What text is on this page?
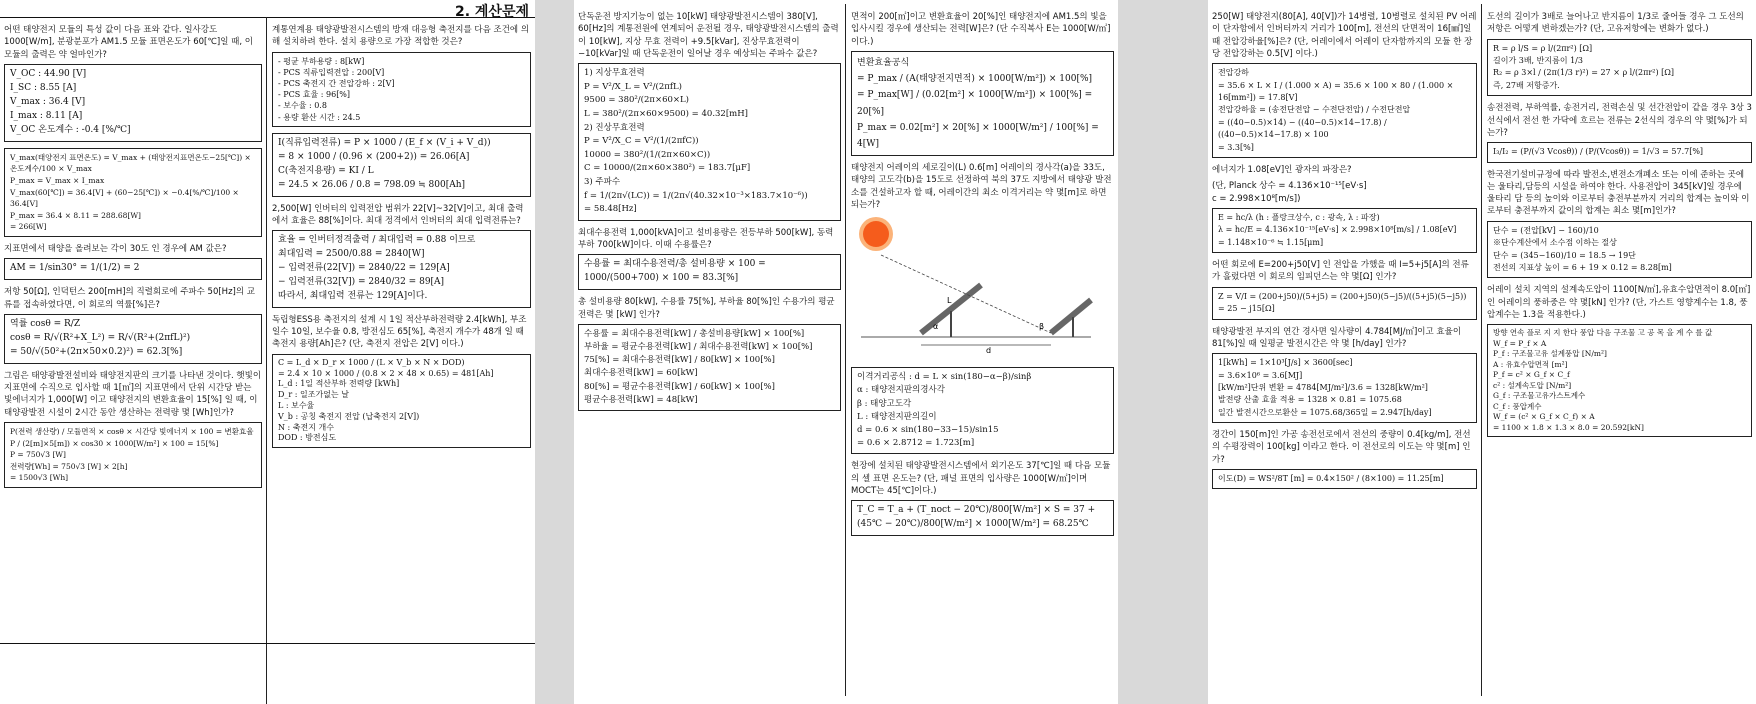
2. 계산문제
어떤 태양전지 모듈의 특성 값이 다음 표와 같다. 일사강도 1000[W/m], 분광분포가 AM1.5 모듈 표면온도가 60[℃]일 때, 이 모듈의 출력은 약 얼마인가?
V_OC : 44.90 [V]
I_SC : 8.55 [A]
V_max : 36.4 [V]
I_max : 8.11 [A]
V_OC 온도계수 : -0.4 [%/℃]
V_max(태양전지 표면온도) = V_max + (태양전지표면온도−25[℃]) × 온도계수/100 × V_max
P_max = V_max × I_max
V_max(60[℃]) = 36.4[V] + (60−25[℃]) × −0.4[%/℃]/100 × 36.4[V]
P_max = 36.4 × 8.11 = 288.68[W]
= 266[W]
지표면에서 태양을 올려보는 각이 30도 인 경우에 AM 값은?
AM = 1/sin30° = 1/(1/2) = 2
저항 50[Ω], 인덕턴스 200[mH]의 직렬회로에 주파수 50[Hz]의 교류를 접속하였다면, 이 회로의 역률[%]은?
역률 cosθ = R/Z
cosθ = R/√(R²+X_L²) = R/√(R²+(2πfL)²)
= 50/√(50²+(2π×50×0.2)²) = 62.3[%]
그림은 태양광발전설비와 태양전지판의 크기를 나타낸 것이다. 햇빛이 지표면에 수직으로 입사할 때 1[㎡]의 지표면에서 단위 시간당 받는 빛에너지가 1,000[W] 이고 태양전지의 변환효율이 15[%] 일 때, 이 태양광발전 시설이 2시간 동안 생산하는 전력량 몇 [Wh]인가?
P(전력 생산량) / 모듈면적 × cosθ × 시간당 빛에너지 × 100 = 변환효율
P / (2[m]×5[m]) × cos30 × 1000[W/m²] × 100 = 15[%]
P = 750√3 [W]
전력량[Wh] = 750√3 [W] × 2[h]
= 1500√3 [Wh]
계통연계용 태양광발전시스템의 방재 대응형 축전지를 다음 조건에 의해 설치하려 한다. 설치 용량으로 가장 적합한 것은?
- 평균 부하용량 : 8[kW]
- PCS 직류입력전압 : 200[V]
- PCS 축전지 간 전압강하 : 2[V]
- PCS 효율 : 96[%]
- 보수율 : 0.8
- 용량 환산 시간 : 24.5
I(직류입력전류) = P × 1000 / (E_f × (V_i + V_d))
= 8 × 1000 / (0.96 × (200+2)) = 26.06[A]
C(축전지용량) = KI / L
= 24.5 × 26.06 / 0.8 = 798.09 ≒ 800[Ah]
2,500[W] 인버터의 입력전압 범위가 22[V]~32[V]이고, 최대 출력에서 효율은 88[%]이다. 최대 정격에서 인버터의 최대 입력전류는?
효율 = 인버터정격출력 / 최대입력 = 0.88 이므로
최대입력 = 2500/0.88 = 2840[W]
− 입력전류(22[V]) = 2840/22 = 129[A]
− 입력전류(32[V]) = 2840/32 = 89[A]
따라서, 최대입력 전류는 129[A]이다.
독립형ESS용 축전지의 설계 시 1일 적산부하전력량 2.4[kWh], 부조일수 10일, 보수율 0.8, 방전심도 65[%], 축전지 개수가 48개 일 때 축전지 용량[Ah]은? (단, 축전지 전압은 2[V] 이다.)
C = L_d × D_r × 1000 / (L × V_b × N × DOD)
= 2.4 × 10 × 1000 / (0.8 × 2 × 48 × 0.65) = 481[Ah]
L_d : 1일 적산부하 전력량 [kWh]
D_r : 일조가없는 날
L : 보수율
V_b : 공칭 축전지 전압 (납축전지 2[V])
N : 축전지 개수
DOD : 방전심도
단독운전 방지기능이 없는 10[kW] 태양광발전시스템이 380[V], 60[Hz]의 계통전원에 연계되어 운전될 경우, 태양광발전시스템의 출력이 10[kW], 지상 무효 전력이 +9.5[kVar], 진상무효전력이 −10[kVar]일 때 단독운전이 일어날 경우 예상되는 주파수 값은?
1) 지상무효전력
P = V²/X_L = V²/(2πfL)
9500 = 380²/(2π×60×L)
L = 380²/(2π×60×9500) = 40.32[mH]
2) 진상무효전력
P = V²/X_C = V²/(1/(2πfC))
10000 = 380²/(1/(2π×60×C))
C = 10000/(2π×60×380²) = 183.7[μF]
3) 주파수
f = 1/(2π√(LC)) = 1/(2π√(40.32×10⁻³×183.7×10⁻⁶))
= 58.48[Hz]
최대수용전력 1,000[kVA]이고 설비용량은 전등부하 500[kW], 동력부하 700[kW]이다. 이때 수용률은?
수용률 = 최대수용전력/총 설비용량 × 100 = 1000/(500+700) × 100 = 83.3[%]
총 설비용량 80[kW], 수용률 75[%], 부하율 80[%]인 수용가의 평균전력은 몇 [kW] 인가?
수용률 = 최대수용전력[kW] / 총설비용량[kW] × 100[%]
부하율 = 평균수용전력[kW] / 최대수용전력[kW] × 100[%]
75[%] = 최대수용전력[kW] / 80[kW] × 100[%]
최대수용전력[kW] = 60[kW]
80[%] = 평균수용전력[kW] / 60[kW] × 100[%]
평균수용전력[kW] = 48[kW]
면적이 200[㎡]이고 변환효율이 20[%]인 태양전지에 AM1.5의 빛을 입사시킬 경우에 생산되는 전력[W]은? (단 수직복사 E는 1000[W/㎡]이다.)
변환효율공식
= P_max / (A(태양전지면적) × 1000[W/m²]) × 100[%]
= P_max[W] / (0.02[m²] × 1000[W/m²]) × 100[%] = 20[%]
P_max = 0.02[m²] × 20[%] × 1000[W/m²] / 100[%] = 4[W]
태양전지 어레이의 세로길이(L) 0.6[m] 어레이의 경사각(a)을 33도, 태양의 고도각(b)을 15도로 선정하여 북의 37도 지방에서 태양광 발전소를 건설하고자 할 때, 어레이간의 최소 이격거리는 약 몇[m]로 하면 되는가?
L
α	β
d
이격거리공식 : d = L × sin(180−α−β)/sinβ
α : 태양전지판의경사각
β : 태양고도각
L : 태양전지판의길이
d = 0.6 × sin(180−33−15)/sin15
= 0.6 × 2.8712 = 1.723[m]
현장에 설치된 태양광발전시스템에서 외기온도 37[℃]일 때 다음 모듈의 셀 표면 온도는? (단, 패널 표면의 입사량은 1000[W/㎡]이며 MOCT는 45[℃]이다.)
T_C = T_a + (T_noct − 20℃)/800[W/m²] × S = 37 + (45℃ − 20℃)/800[W/m²] × 1000[W/m²] = 68.25℃
250[W] 태양전지(80[A], 40[V])가 14병렬, 10병렬로 설치된 PV 어레이 단자함에서 인버터까지 거리가 100[m], 전선의 단면적이 16[㎟]일 때 전압강하율[%]은? (단, 어레이에서 어레이 단자함까지의 모듈 한 장당 전압강하는 0.5[V] 이다.)
전압강하
= 35.6 × L × I / (1.000 × A) = 35.6 × 100 × 80 / (1.000 × 16[mm²]) = 17.8[V]
전압강하율 = (송전단전압 − 수전단전압) / 수전단전압
= ((40−0.5)×14) − ((40−0.5)×14−17.8) / ((40−0.5)×14−17.8) × 100
= 3.3[%]
에너지가 1.08[eV]인 광자의 파장은?
(단, Planck 상수 = 4.136×10⁻¹⁵[eV·s]
c = 2.998×10⁸[m/s])
E = hc/λ (h : 플랑크상수, c : 광속, λ : 파장)
λ = hc/E = 4.136×10⁻¹⁵[eV·s] × 2.998×10⁸[m/s] / 1.08[eV]
= 1.148×10⁻⁶ ≒ 1.15[μm]
어떤 회로에 E=200+j50[V] 인 전압을 가했을 때 I=5+j5[A]의 전류가 흘렀다면 이 회로의 임피던스는 약 몇[Ω] 인가?
Z = V/I = (200+j50)/(5+j5) = (200+j50)(5−j5)/((5+j5)(5−j5))
= 25 − j15[Ω]
태양광발전 부지의 연간 경사면 일사량이 4.784[MJ/㎡]이고 효율이 81[%]일 때 일평균 발전시간은 약 몇 [h/day] 인가?
1[kWh] = 1×10³[J/s] × 3600[sec]
= 3.6×10⁶ = 3.6[MJ]
[kW/m²]단위 변환 = 4784[MJ/m²]/3.6 = 1328[kW/m²]
발전량 산출 효율 적용 = 1328 × 0.81 = 1075.68
일간 발전시간으로환산 = 1075.68/365일 = 2.947[h/day]
경간이 150[m]인 가공 송전선로에서 전선의 중량이 0.4[kg/m], 전선의 수평장력이 100[kg] 이라고 한다. 이 전선로의 이도는 약 몇[m] 인가?
이도(D) = WS²/8T [m] = 0.4×150² / (8×100) = 11.25[m]
도선의 길이가 3배로 늘어나고 반지름이 1/3로 줄어들 경우 그 도선의 저항은 어떻게 변하겠는가? (단, 고유저항에는 변화가 없다.)
R = ρ l/S = ρ l/(2πr²) [Ω]
길이가 3배, 반지름이 1/3
R₂ = ρ 3×l / (2π(1/3 r)²) = 27 × ρ l/(2πr²) [Ω]
즉, 27배 저항증가.
송전전력, 부하역률, 송전거리, 전력손실 및 선간전압이 같을 경우 3상 3선식에서 전선 한 가닥에 흐르는 전류는 2선식의 경우의 약 몇[%]가 되는가?
I₃/I₂ = (P/(√3 Vcosθ)) / (P/(Vcosθ)) = 1/√3 = 57.7[%]
한국전기설비규정에 따라 발전소,변전소개폐소 또는 이에 준하는 곳에는 울타리,담등의 시설을 하여야 한다. 사용전압이 345[kV]일 경우에 울타리 담 등의 높이와 이로부터 충전부분까지 거리의 합계는 높이와 이로부터 충전부까지 값이의 합계는 최소 몇[m]인가?
단수 = (전압[kV] − 160)/10
※단수계산에서 소수점 이하는 절상
단수 = (345−160)/10 = 18.5 → 19단
전선의 지표상 높이 = 6 + 19 × 0.12 = 8.28[m]
어레이 설치 지역의 설계속도압이 1100[N/㎡],유효수압면적이 8.0[㎡]인 어레이의 풍하중은 약 몇[kN] 인가? (단, 가스트 영향계수는 1.8, 풍압계수는 1.3을 적용한다.)
방향 연속 플로 지 지 한다 풍압 다음 구조물 고 공 목 을 계 수 를 값
W_f = P_f × A
P_f : 구조물고유 설계풍압 [N/m²]
A : 유효수압면적 [m²]
P_f = c² × G_f × C_f
c² : 설계속도압 [N/m²]
G_f : 구조물고유가스트계수
C_f : 풍압계수
W_f = (c² × G_f × C_f) × A
= 1100 × 1.8 × 1.3 × 8.0 = 20.592[kN]
